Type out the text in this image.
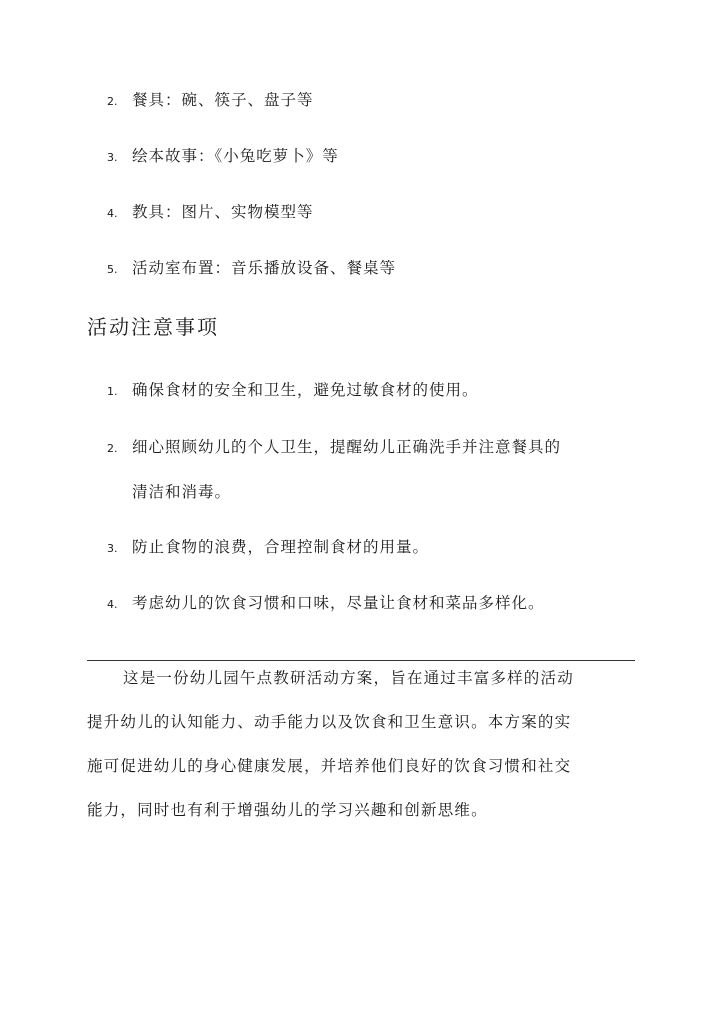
2. 餐具：碗、筷子、盘子等
3. 绘本故事：《小兔吃萝卜》等
4. 教具：图片、实物模型等
5. 活动室布置：音乐播放设备、餐桌等
活动注意事项
1. 确保食材的安全和卫生，避免过敏食材的使用。
2. 细心照顾幼儿的个人卫生，提醒幼儿正确洗手并注意餐具的
清洁和消毒。
3. 防止食物的浪费，合理控制食材的用量。
4. 考虑幼儿的饮食习惯和口味，尽量让食材和菜品多样化。
这是一份幼儿园午点教研活动方案，旨在通过丰富多样的活动
提升幼儿的认知能力、动手能力以及饮食和卫生意识。本方案的实
施可促进幼儿的身心健康发展，并培养他们良好的饮食习惯和社交
能力，同时也有利于增强幼儿的学习兴趣和创新思维。
